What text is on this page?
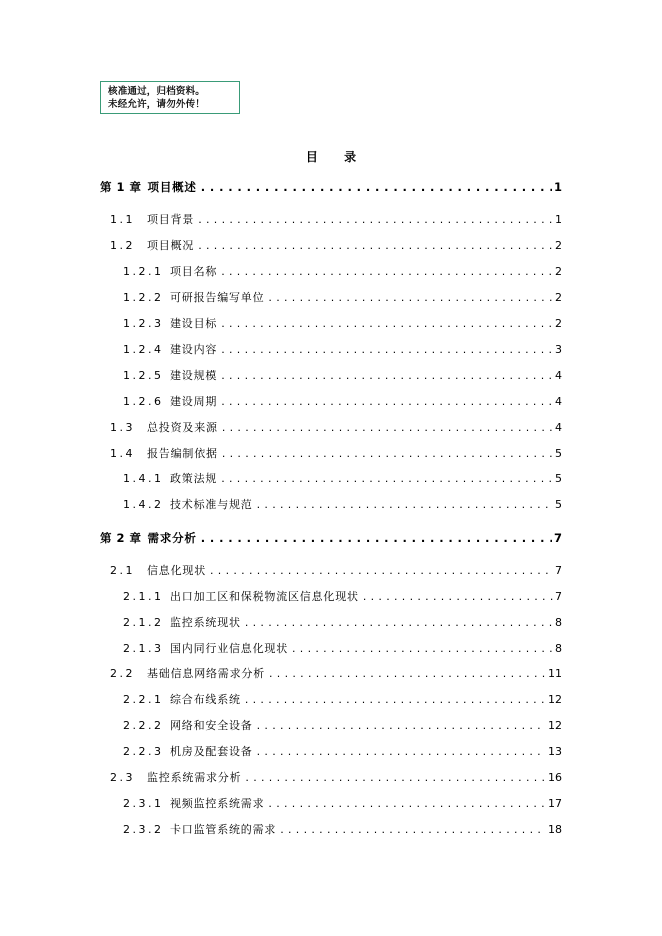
核准通过，归档资料。
未经允许，请勿外传！
目 录
第 1 章 项目概述 . . .	1
1.1	项目背景 . . .	1
1.2	项目概况 . . .	2
1.2.1 项目名称 . . .	2
1.2.2 可研报告编写单位 . . .	2
1.2.3 建设目标 . . .	2
1.2.4 建设内容 . . .	3
1.2.5 建设规模 . . .	4
1.2.6 建设周期 . . .	4
1.3	总投资及来源 . . .	4
1.4	报告编制依据 . . .	5
1.4.1 政策法规 . . .	5
1.4.2 技术标准与规范 . . .	5
第 2 章 需求分析 . . .	7
2.1	信息化现状 . . .	7
2.1.1 出口加工区和保税物流区信息化现状 . . .	7
2.1.2 监控系统现状 . . .	8
2.1.3 国内同行业信息化现状 . . .	8
2.2	基础信息网络需求分析 . . .	11
2.2.1 综合布线系统 . . .	12
2.2.2 网络和安全设备 . . .	12
2.2.3 机房及配套设备 . . .	13
2.3	监控系统需求分析 . . .	16
2.3.1 视频监控系统需求 . . .	17
2.3.2 卡口监管系统的需求 . . .	18
